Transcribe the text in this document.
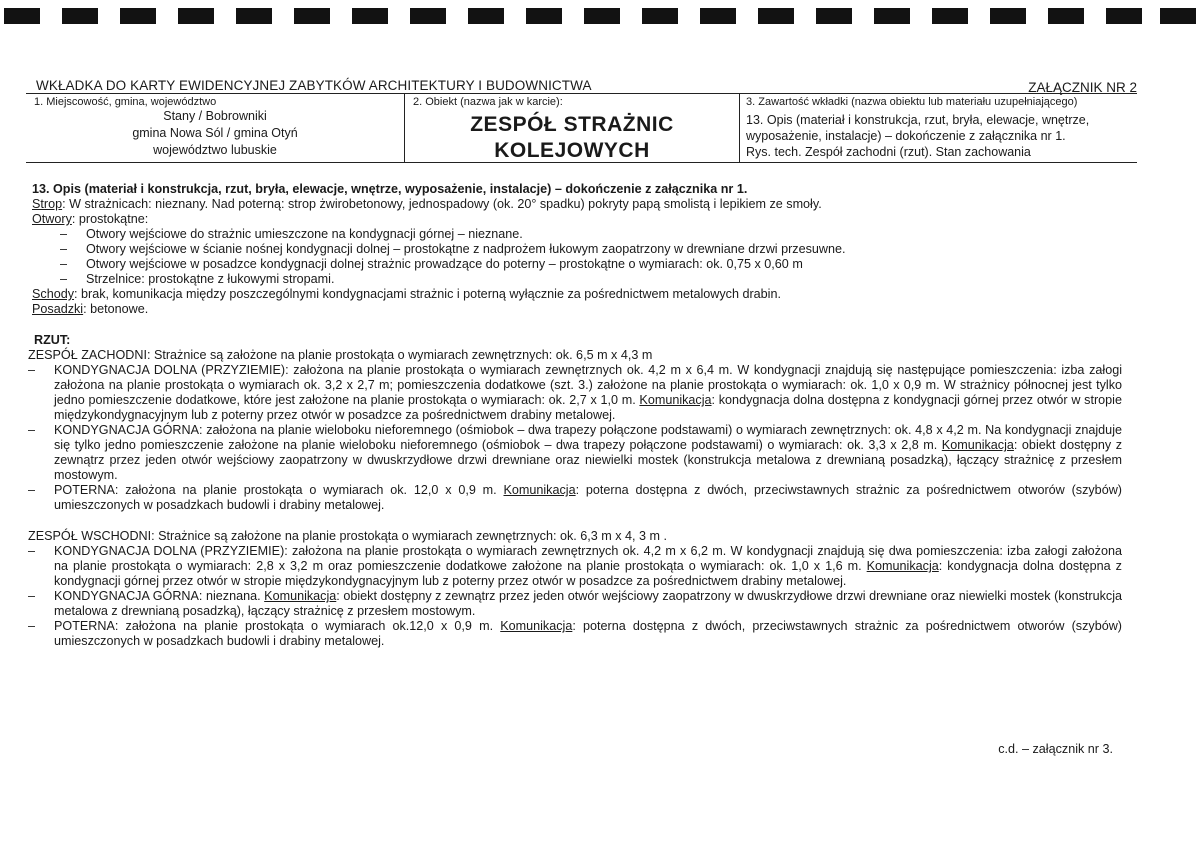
WKŁADKA DO KARTY EWIDENCYJNEJ ZABYTKÓW ARCHITEKTURY I BUDOWNICTWA	ZAŁĄCZNIK NR 2
1. Miejscowość, gmina, województwo
Stany / Bobrowniki
gmina Nowa Sól / gmina Otyń
województwo lubuskie
2. Obiekt (nazwa jak w karcie):
ZESPÓŁ STRAŻNIC
KOLEJOWYCH
3. Zawartość wkładki (nazwa obiektu lub materiału uzupełniającego)
13. Opis (materiał i konstrukcja, rzut, bryła, elewacje, wnętrze,
wyposażenie, instalacje) – dokończenie z załącznika nr 1.
Rys. tech. Zespół zachodni (rzut). Stan zachowania

13. Opis (materiał i konstrukcja, rzut, bryła, elewacje, wnętrze, wyposażenie, instalacje) – dokończenie z załącznika nr 1.

Strop: W strażnicach: nieznany. Nad poterną: strop żwirobetonowy, jednospadowy (ok. 20° spadku) pokryty papą smolistą i lepikiem ze smoły.

Otwory: prostokątne:

– Otwory wejściowe do strażnic umieszczone na kondygnacji górnej – nieznane.

– Otwory wejściowe w ścianie nośnej kondygnacji dolnej – prostokątne z nadprożem łukowym zaopatrzony w drewniane drzwi przesuwne.

– Otwory wejściowe w posadzce kondygnacji dolnej strażnic prowadzące do poterny – prostokątne o wymiarach: ok. 0,75 x 0,60 m

– Strzelnice: prostokątne z łukowymi stropami.

Schody: brak, komunikacja między poszczególnymi kondygnacjami strażnic i poterną wyłącznie za pośrednictwem metalowych drabin.

Posadzki: betonowe.

RZUT:

ZESPÓŁ ZACHODNI: Strażnice są założone na planie prostokąta o wymiarach zewnętrznych: ok. 6,5 m x 4,3 m

– KONDYGNACJA DOLNA (PRZYZIEMIE): założona na planie prostokąta o wymiarach zewnętrznych ok. 4,2 m x 6,4 m. W kondygnacji znajdują się następujące pomieszczenia: izba załogi założona na planie prostokąta o wymiarach ok. 3,2 x 2,7 m; pomieszczenia dodatkowe (szt. 3.) założone na planie prostokąta o wymiarach: ok. 1,0 x 0,9 m. W strażnicy północnej jest tylko jedno pomieszczenie dodatkowe, które jest założone na planie prostokąta o wymiarach: ok. 2,7 x 1,0 m. Komunikacja: kondygnacja dolna dostępna z kondygnacji górnej przez otwór w stropie międzykondygnacyjnym lub z poterny przez otwór w posadzce za pośrednictwem drabiny metalowej.

– KONDYGNACJA GÓRNA: założona na planie wieloboku nieforemnego (ośmiobok – dwa trapezy połączone podstawami) o wymiarach zewnętrznych: ok. 4,8 x 4,2 m. Na kondygnacji znajduje się tylko jedno pomieszczenie założone na planie wieloboku nieforemnego (ośmiobok – dwa trapezy połączone podstawami) o wymiarach: ok. 3,3 x 2,8 m. Komunikacja: obiekt dostępny z zewnątrz przez jeden otwór wejściowy zaopatrzony w dwuskrzydłowe drzwi drewniane oraz niewielki mostek (konstrukcja metalowa z drewnianą posadzką), łączący strażnicę z przesłem mostowym.

– POTERNA: założona na planie prostokąta o wymiarach ok. 12,0 x 0,9 m. Komunikacja: poterna dostępna z dwóch, przeciwstawnych strażnic za pośrednictwem otworów (szybów) umieszczonych w posadzkach budowli i drabiny metalowej.

ZESPÓŁ WSCHODNI: Strażnice są założone na planie prostokąta o wymiarach zewnętrznych: ok. 6,3 m x 4, 3 m .

– KONDYGNACJA DOLNA (PRZYZIEMIE): założona na planie prostokąta o wymiarach zewnętrznych ok. 4,2 m x 6,2 m. W kondygnacji znajdują się dwa pomieszczenia: izba załogi założona na planie prostokąta o wymiarach: 2,8 x 3,2 m oraz pomieszczenie dodatkowe założone na planie prostokąta o wymiarach: ok. 1,0 x 1,6 m. Komunikacja: kondygnacja dolna dostępna z kondygnacji górnej przez otwór w stropie międzykondygnacyjnym lub z poterny przez otwór w posadzce za pośrednictwem drabiny metalowej.

– KONDYGNACJA GÓRNA: nieznana. Komunikacja: obiekt dostępny z zewnątrz przez jeden otwór wejściowy zaopatrzony w dwuskrzydłowe drzwi drewniane oraz niewielki mostek (konstrukcja metalowa z drewnianą posadzką), łączący strażnicę z przesłem mostowym.

– POTERNA: założona na planie prostokąta o wymiarach ok.12,0 x 0,9 m. Komunikacja: poterna dostępna z dwóch, przeciwstawnych strażnic za pośrednictwem otworów (szybów) umieszczonych w posadzkach budowli i drabiny metalowej.

c.d. – załącznik nr 3.
